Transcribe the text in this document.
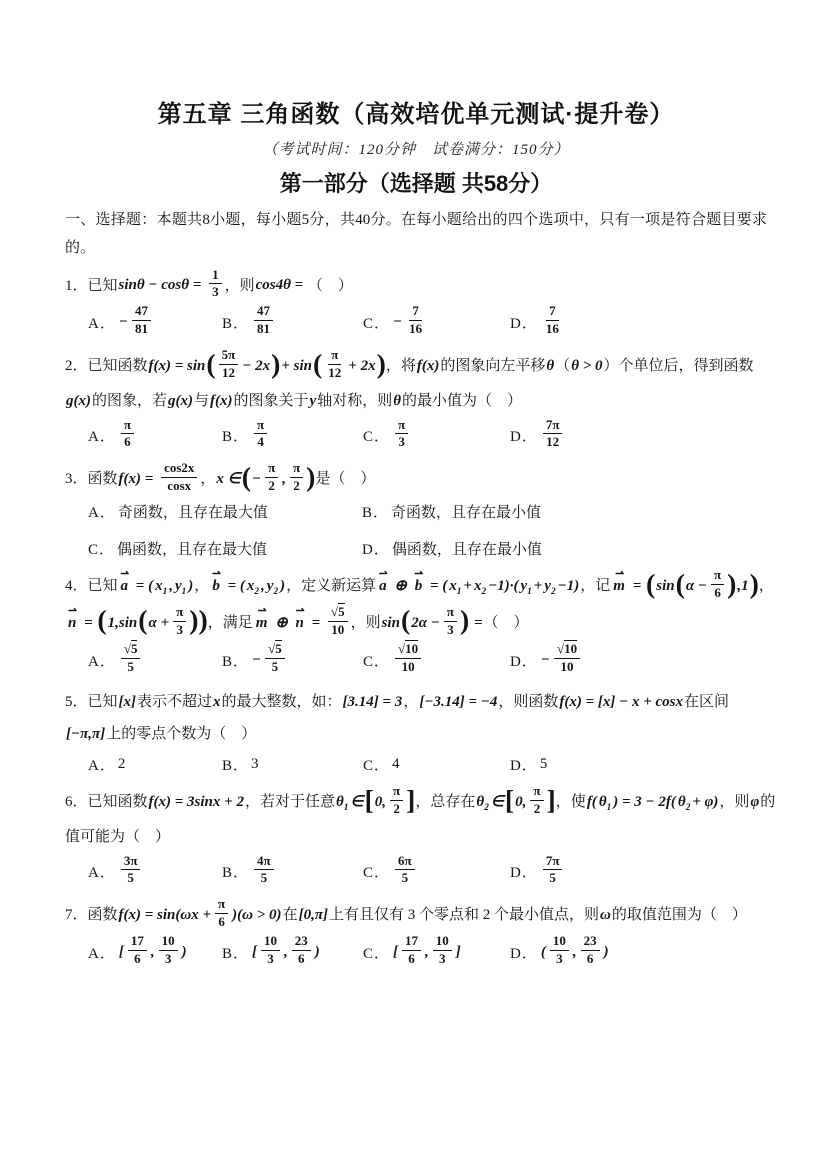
第五章 三角函数（高效培优单元测试·提升卷）
（考试时间：120分钟　试卷满分：150分）
第一部分（选择题 共58分）

一、选择题：本题共8小题，每小题5分，共40分。在每小题给出的四个选项中，只有一项是符合题目要求的。

1．已知$\sin\theta - \cos\theta = \frac{1}{3}$ ，则cos4θ = （　）
A． − $\frac{47}{81}$	B． $\frac{47}{81}$	C． − $\frac{7}{16}$	D． $\frac{7}{16}$
2．已知函数$f(x) = \sin( \frac{5\pi}{12} - 2x)+ \sin( \frac{\pi}{12} + 2x)$，将f(x)的图象向左平移θ（θ > 0）个单位后，得到函数
g(x)的图象，若g(x)与f(x)的图象关于y轴对称，则θ的最小值为（　）
A． $\frac{\pi}{6}$	B． $\frac{\pi}{4}$	C． $\frac{\pi}{3}$	D． $\frac{7\pi}{12}$
3．函数$f(x) = \frac{\cos 2x}{\cos x}$ ，x ∈(− $\frac{\pi}{2}$ , $\frac{\pi}{2}$ )是（　）
A． 奇函数，且存在最大值	B． 奇函数，且存在最小值
C． 偶函数，且存在最大值	D． 偶函数，且存在最小值
4．已知 a
⇀
= ( $x_1$ , $y_1$ )， b
⇀
= ( $x_2$ , $y_2$ )，定义新运算 a
⇀
⊕ b
⇀
= ( $x_1 + x_2 -1)\cdot$( $y_1 + y_2 -1$)，记 m
⇀
= $(\sin(\alpha - \frac{\pi}{6} ),1)$，
n
⇀
= ($1,\sin(\alpha + \frac{\pi}{3}$ ))，满足 m
⇀
⊕ n
⇀
= $\frac{√5}{10}$ ，则$\sin(2\alpha - \frac{\pi}{3}$ ) =（　）
A． $\frac{√5}{5}$	B． − $\frac{√5}{5}$	C． $\frac{√10}{10}$	D． − $\frac{√10}{10}$
5．已知[x]表示不超过x的最大整数，如：[3.14] = 3，[−3.14] = −4，则函数f(x) = [x] − x + cosx在区间
[−π,π]上的零点个数为（　）
A． 2	B． 3	C． 4	D． 5
6．已知函数f(x) = 3sinx + 2，若对于任意$\theta_1$ ∈[0, $\frac{\pi}{2}$ ]，总存在$\theta_2$ ∈[0, $\frac{\pi}{2}$ ]，使f( $\theta_1$ ) = 3 − 2f( $\theta_2 + \varphi$)，则φ的
值可能为（　）
A． $\frac{3\pi}{5}$	B． $\frac{4\pi}{5}$	C． $\frac{6\pi}{5}$	D． $\frac{7\pi}{5}$
7．函数$f(x) = \sin(\omega x + \frac{\pi}{6} )(\omega > 0)$在[0,π]上有且仅有 3 个零点和 2 个最小值点，则ω的取值范围为（　）
A． [ $\frac{17}{6}$ , $\frac{10}{3}$ ) B． [ $\frac{10}{3}$ , $\frac{23}{6}$ )	C． [ $\frac{17}{6}$ , $\frac{10}{3}$ ]	D． ( $\frac{10}{3}$ , $\frac{23}{6}$ )
